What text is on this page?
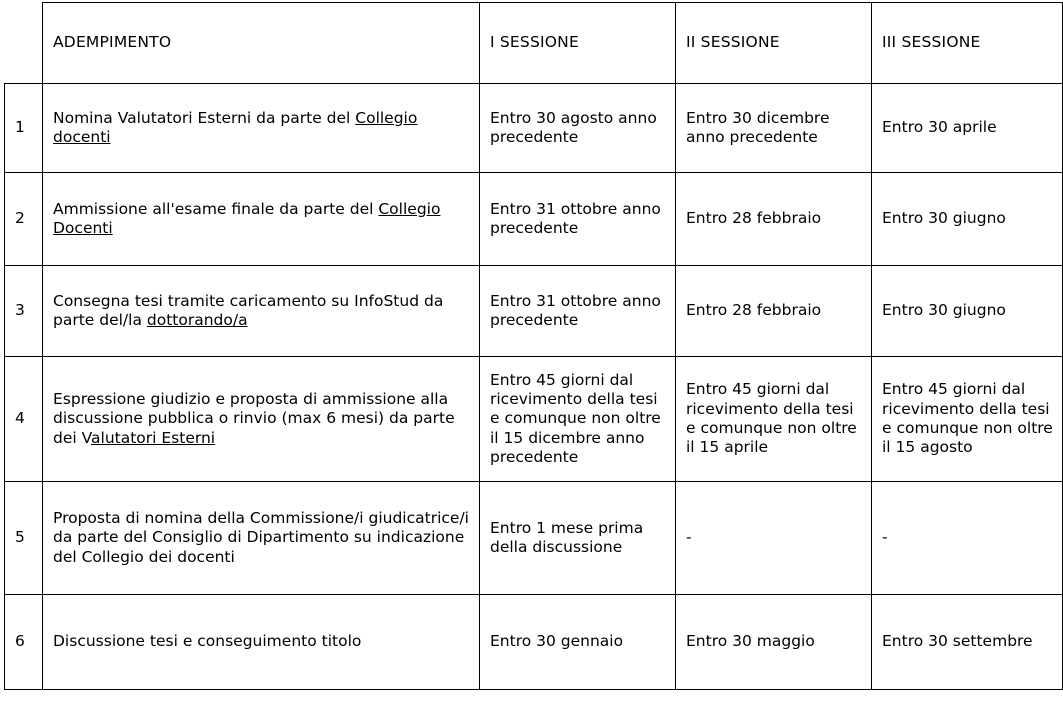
	ADEMPIMENTO	I SESSIONE	II SESSIONE	III SESSIONE
1	Nomina Valutatori Esterni da parte del Collegio docenti	Entro 30 agosto anno precedente	Entro 30 dicembre anno precedente	Entro 30 aprile
2	Ammissione all'esame finale da parte del Collegio Docenti	Entro 31 ottobre anno precedente	Entro 28 febbraio	Entro 30 giugno
3	Consegna tesi tramite caricamento su InfoStud da parte del/la dottorando/a	Entro 31 ottobre anno precedente	Entro 28 febbraio	Entro 30 giugno
4	Espressione giudizio e proposta di ammissione alla discussione pubblica o rinvio (max 6 mesi) da parte dei Valutatori Esterni	Entro 45 giorni dal ricevimento della tesi e comunque non oltre il 15 dicembre anno precedente	Entro 45 giorni dal ricevimento della tesi e comunque non oltre il 15 aprile	Entro 45 giorni dal ricevimento della tesi e comunque non oltre il 15 agosto
5	Proposta di nomina della Commissione/i giudicatrice/i da parte del Consiglio di Dipartimento su indicazione del Collegio dei docenti	Entro 1 mese prima della discussione	-	-
6	Discussione tesi e conseguimento titolo	Entro 30 gennaio	Entro 30 maggio	Entro 30 settembre
